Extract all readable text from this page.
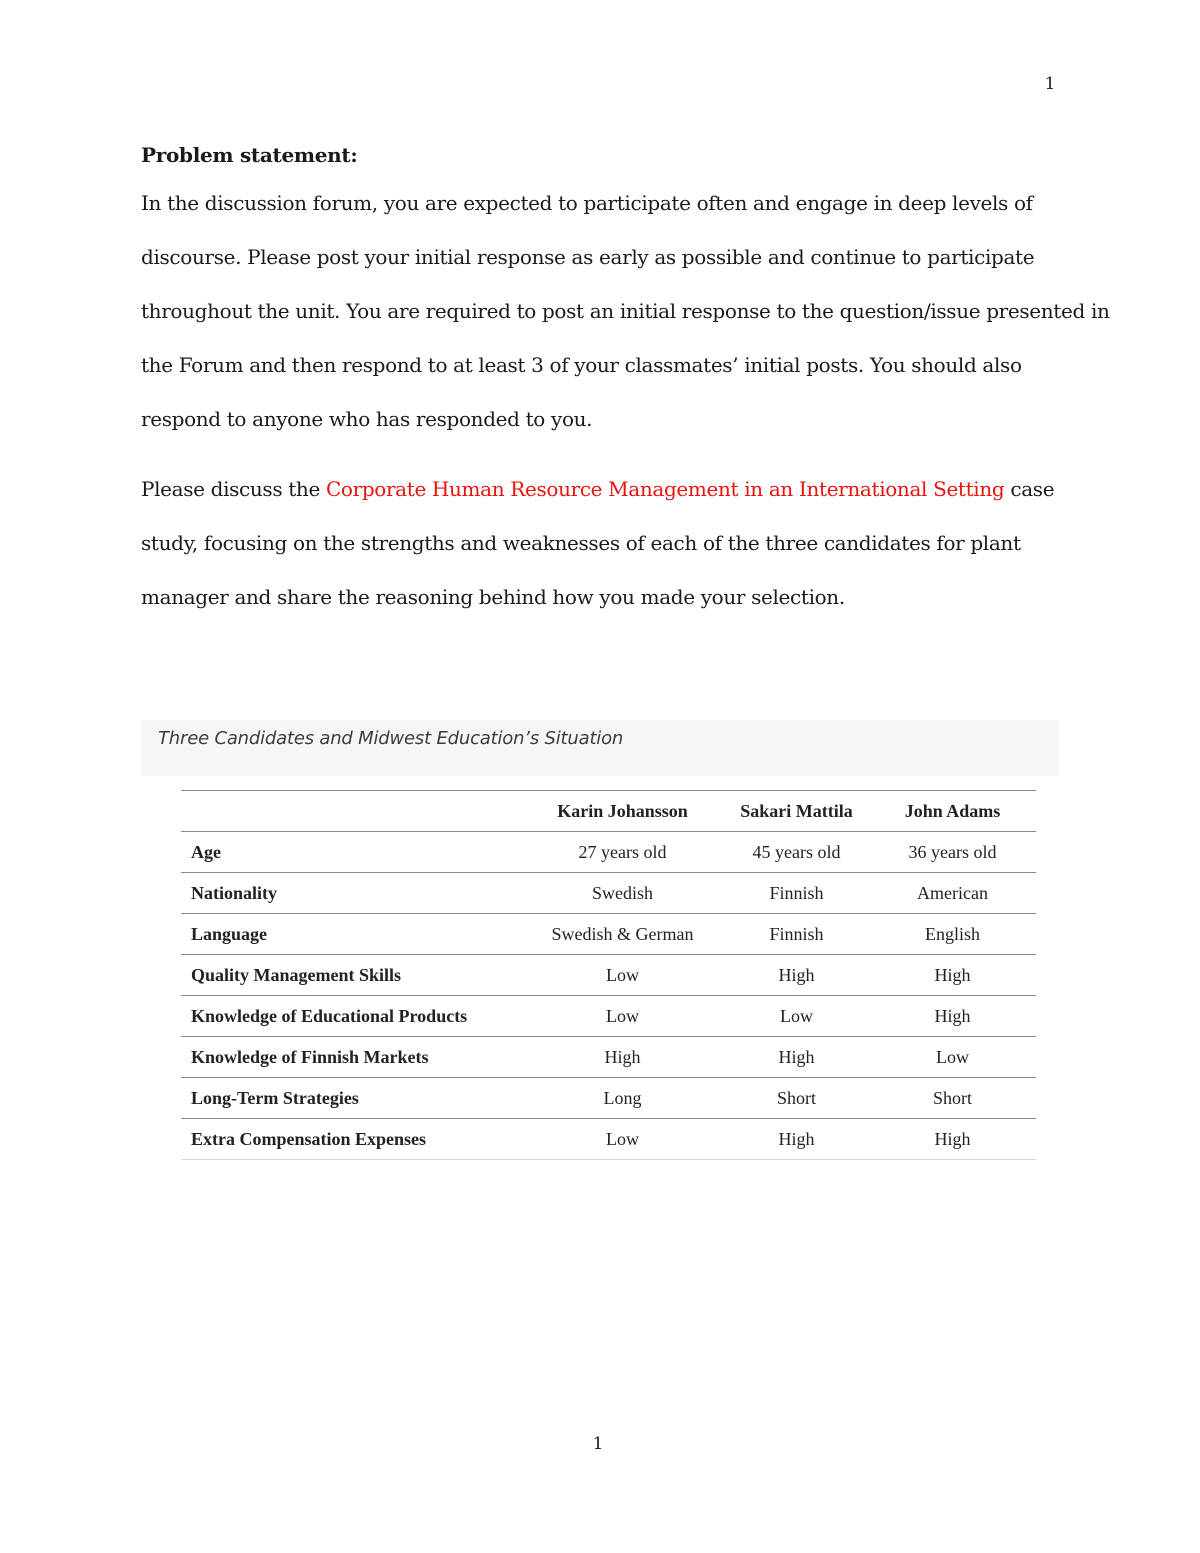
1
Problem statement:
In the discussion forum, you are expected to participate often and engage in deep levels of
discourse. Please post your initial response as early as possible and continue to participate
throughout the unit. You are required to post an initial response to the question/issue presented in
the Forum and then respond to at least 3 of your classmates’ initial posts. You should also
respond to anyone who has responded to you.
Please discuss the Corporate Human Resource Management in an International Setting case
study, focusing on the strengths and weaknesses of each of the three candidates for plant
manager and share the reasoning behind how you made your selection.
Three Candidates and Midwest Education’s Situation
	Karin Johansson	Sakari Mattila	John Adams
Age	27 years old	45 years old	36 years old
Nationality	Swedish	Finnish	American
Language	Swedish & German	Finnish	English
Quality Management Skills	Low	High	High
Knowledge of Educational Products	Low	Low	High
Knowledge of Finnish Markets	High	High	Low
Long-Term Strategies	Long	Short	Short
Extra Compensation Expenses	Low	High	High
1
